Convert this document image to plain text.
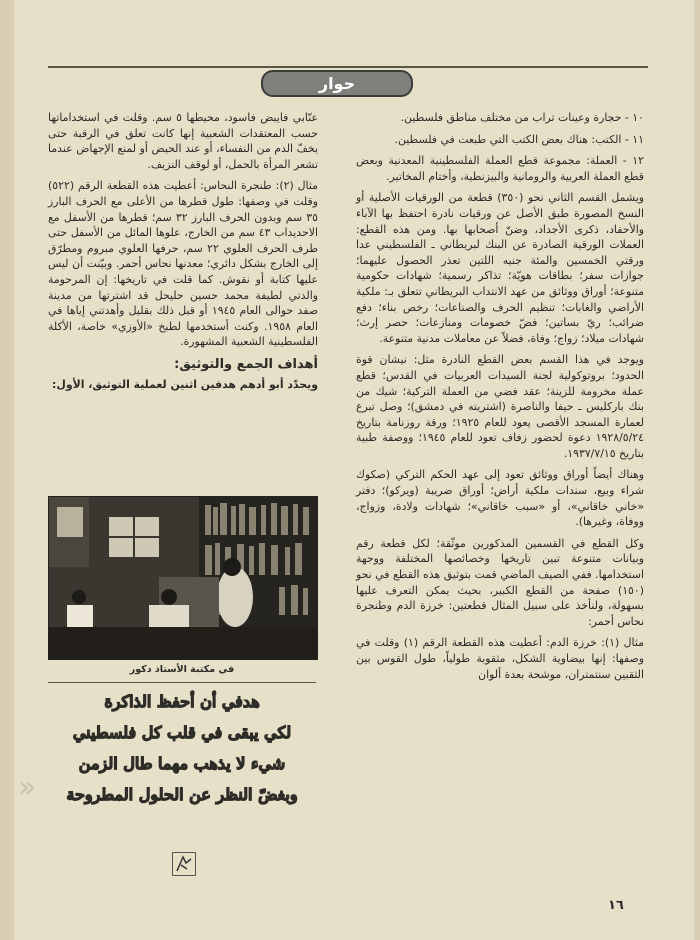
»
حوار

١٠ - حجارة وعينات تراب من مختلف مناطق فلسطين.

١١ - الكتب: هناك بعض الكتب التي طبعت في فلسطين.

١٢ - العملة: مجموعة قطع العملة الفلسطينية المعدنية وبعض قطع العملة العربية والرومانية والبيزنطية، وأختام المخاتير.

ويشمل القسم الثاني نحو (٣٥٠) قطعة من الورقيات الأصلية أو النسخ المصورة طبق الأصل عن ورقيات نادرة احتفظ بها الآباء والأحفاد، ذكرى الأجداد، وضنّ أصحابها بها. ومن هذه القطع: العملات الورقية الصادرة عن البنك لبريطاني ـ الفلسطيني عدا ورقتي الخمسين والمئة جنيه اللتين تعذر الحصول عليهما؛ جوازات سفر؛ بطاقات هويّة؛ تذاكر رسمية؛ شهادات حكومية متنوعة؛ أوراق ووثائق من عهد الانتداب البريطاني تتعلق بـ: ملكية الأراضي والغابات؛ تنظيم الحرف والصناعات؛ رخص بناء؛ دفع ضرائب؛ ريّ بساتين؛ فضّ خصومات ومنازعات؛ حصر إرث؛ شهادات ميلاد؛ زواج؛ وفاة، فضلاً عن معاملات مدنية متنوعة.

ويوجد في هذا القسم بعض القطع النادرة مثل: نيشان قوة الحدود؛ بروتوكولية لجنة السيدات العربيات في القدس؛ قطع عملة مخرومة للزينة؛ عقد فضي من العملة التركية؛ شيك من بنك باركليس ـ حيفا والناصرة (اشتريته في دمشق)؛ وصل تبرع لعمارة المسجد الأقصى يعود للعام ١٩٢٥؛ ورقة روزنامة بتاريخ ١٩٢٨/٥/٢٤ دعوة لحضور زفاف تعود للعام ١٩٤٥؛ ووصفة طبية بتاريخ ١٩٣٧/٧/١٥.

وهناك أيضاً أوراق ووثائق تعود إلى عهد الحكم التركي (صكوك شراء وبيع، سندات ملكية أراض؛ أوراق ضريبة (ويركو)؛ دفتر «خاني خاقاني»، أو «سبب خاقاني»؛ شهادات ولادة، وزواج، ووفاة، وغيرها).

وكل القطع في القسمين المذكورين موثّقة؛ لكل قطعة رقم وبيانات متنوعة تبين تاريخها وخصائصها المختلفة ووجهة استخدامها. ففي الصيف الماضي قمت بتوثيق هذه القطع في نحو (١٥٠) صفحة من القطع الكبير، بحيث يمكن التعرف عليها بسهولة، ولنأخذ على سبيل المثال قطعتين: خرزة الدم وطنجرة نحاس أحمر:

مثال (١): خرزة الدم: أعطيت هذه القطعة الرقم (١) وقلت في وصفها: إنها بيضاوية الشكل، مثقوبة طولياً، طول القوس بين الثقبين سنتمتران، موشحة بعدة ألوان

عنّابي فايبض فاسود، محيطها ٥ سم. وقلت في استخداماتها حسب المعتقدات الشعبية إنها كانت تعلق في الرقبة حتى يخفّ الدم من النفساء، أو عند الحيض أو لمنع الإجهاض عندما تشعر المرأة بالحمل، أو لوقف النزيف.

مثال (٢): طنجرة النحاس: أعطيت هذه القطعة الرقم (٥٢٢) وقلت في وصفها: طول قطرها من الأعلى مع الحرف البارز ٣٥ سم وبدون الحرف البارز ٣٢ سم؛ قطرها من الأسفل مع الاحديداب ٤٣ سم من الخارج، علوها المائل من الأسفل حتى طرف الحرف العلوي ٢٢ سم، حرفها العلوي مبروم ومطرّق إلى الخارج بشكل دائري؛ معدنها نحاس أحمر. وبيّنت أن ليس عليها كتابة أو نقوش. كما قلت في تاريخها: إن المرحومة والدتي لطيفة محمد حسين حليحل قد اشترتها من مدينة صفد حوالى العام ١٩٤٥ أو قبل ذلك بقليل وأهدتني إياها في العام ١٩٥٨. وكنت أستخدمها لطبخ «الأوزي» خاصة، الأكلة الفلسطينية الشعبية المشهورة.

أهداف الجمع والتوثيق:

ويحدّد أبو أدهم هدفين اثنين لعملية التوثيق، الأول:

في مكتبة الأستاذ دكور
هدفي أن أحفظ الذاكرة
لكي يبقى في قلب كل فلسطيني
شيء لا يذهب مهما طال الزمن
وبغضّ النظر عن الحلول المطروحة
١٦
